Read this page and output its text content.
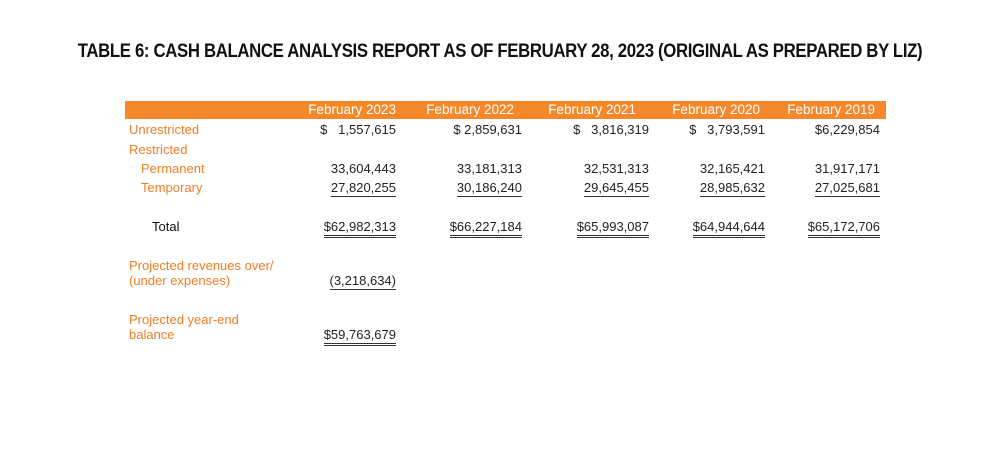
TABLE 6: CASH BALANCE ANALYSIS REPORT AS OF FEBRUARY 28, 2023 (ORIGINAL AS PREPARED BY LIZ)
February 2023	February 2022	February 2021	February 2020	February 2019
Unrestricted	$   1,557,615	$ 2,859,631	$   3,816,319	$   3,793,591	$6,229,854
Restricted
Permanent	33,604,443	33,181,313	32,531,313	32,165,421	31,917,171
Temporary	27,820,255	30,186,240	29,645,455	28,985,632	27,025,681
Total	$62,982,313	$66,227,184	$65,993,087	$64,944,644	$65,172,706
Projected revenues over/
(under expenses)	(3,218,634)
Projected year-end
balance	$59,763,679
